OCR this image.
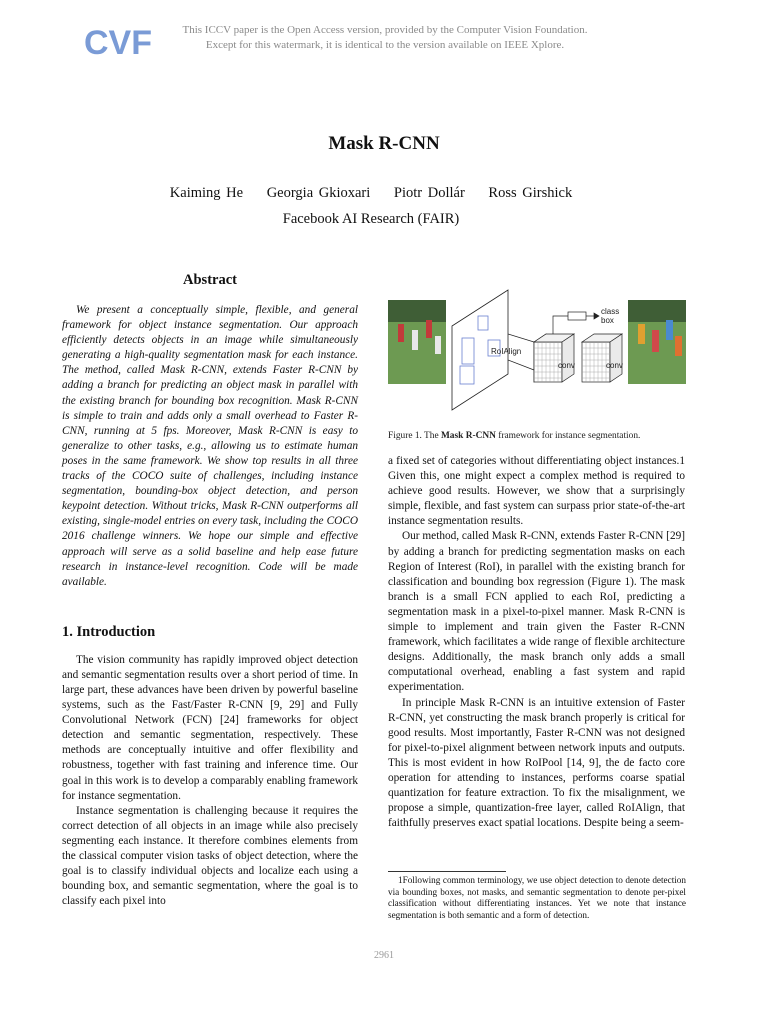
CVF	This ICCV paper is the Open Access version, provided by the Computer Vision Foundation.
Except for this watermark, it is identical to the version available on IEEE Xplore.
Mask R-CNN
Kaiming He Georgia Gkioxari Piotr Dollár Ross Girshick
Facebook AI Research (FAIR)
Abstract

We present a conceptually simple, flexible, and general framework for object instance segmentation. Our approach efficiently detects objects in an image while simultaneously generating a high-quality segmentation mask for each instance. The method, called Mask R-CNN, extends Faster R-CNN by adding a branch for predicting an object mask in parallel with the existing branch for bounding box recognition. Mask R-CNN is simple to train and adds only a small overhead to Faster R-CNN, running at 5 fps. Moreover, Mask R-CNN is easy to generalize to other tasks, e.g., allowing us to estimate human poses in the same framework. We show top results in all three tracks of the COCO suite of challenges, including instance segmentation, bounding-box object detection, and person keypoint detection. Without tricks, Mask R-CNN outperforms all existing, single-model entries on every task, including the COCO 2016 challenge winners. We hope our simple and effective approach will serve as a solid baseline and help ease future research in instance-level recognition. Code will be made available.

1. Introduction

The vision community has rapidly improved object detection and semantic segmentation results over a short period of time. In large part, these advances have been driven by powerful baseline systems, such as the Fast/Faster R-CNN [9, 29] and Fully Convolutional Network (FCN) [24] frameworks for object detection and semantic segmentation, respectively. These methods are conceptually intuitive and offer flexibility and robustness, together with fast training and inference time. Our goal in this work is to develop a comparably enabling framework for instance segmentation.

Instance segmentation is challenging because it requires the correct detection of all objects in an image while also precisely segmenting each instance. It therefore combines elements from the classical computer vision tasks of object detection, where the goal is to classify individual objects and localize each using a bounding box, and semantic segmentation, where the goal is to classify each pixel into

RoIAlign
conv	conv
class
box
Figure 1. The Mask R-CNN framework for instance segmentation.

a fixed set of categories without differentiating object instances.1 Given this, one might expect a complex method is required to achieve good results. However, we show that a surprisingly simple, flexible, and fast system can surpass prior state-of-the-art instance segmentation results.

Our method, called Mask R-CNN, extends Faster R-CNN [29] by adding a branch for predicting segmentation masks on each Region of Interest (RoI), in parallel with the existing branch for classification and bounding box regression (Figure 1). The mask branch is a small FCN applied to each RoI, predicting a segmentation mask in a pixel-to-pixel manner. Mask R-CNN is simple to implement and train given the Faster R-CNN framework, which facilitates a wide range of flexible architecture designs. Additionally, the mask branch only adds a small computational overhead, enabling a fast system and rapid experimentation.

In principle Mask R-CNN is an intuitive extension of Faster R-CNN, yet constructing the mask branch properly is critical for good results. Most importantly, Faster R-CNN was not designed for pixel-to-pixel alignment between network inputs and outputs. This is most evident in how RoIPool [14, 9], the de facto core operation for attending to instances, performs coarse spatial quantization for feature extraction. To fix the misalignment, we propose a simple, quantization-free layer, called RoIAlign, that faithfully preserves exact spatial locations. Despite being a seem-

1Following common terminology, we use object detection to denote detection via bounding boxes, not masks, and semantic segmentation to denote per-pixel classification without differentiating instances. Yet we note that instance segmentation is both semantic and a form of detection.

2961
